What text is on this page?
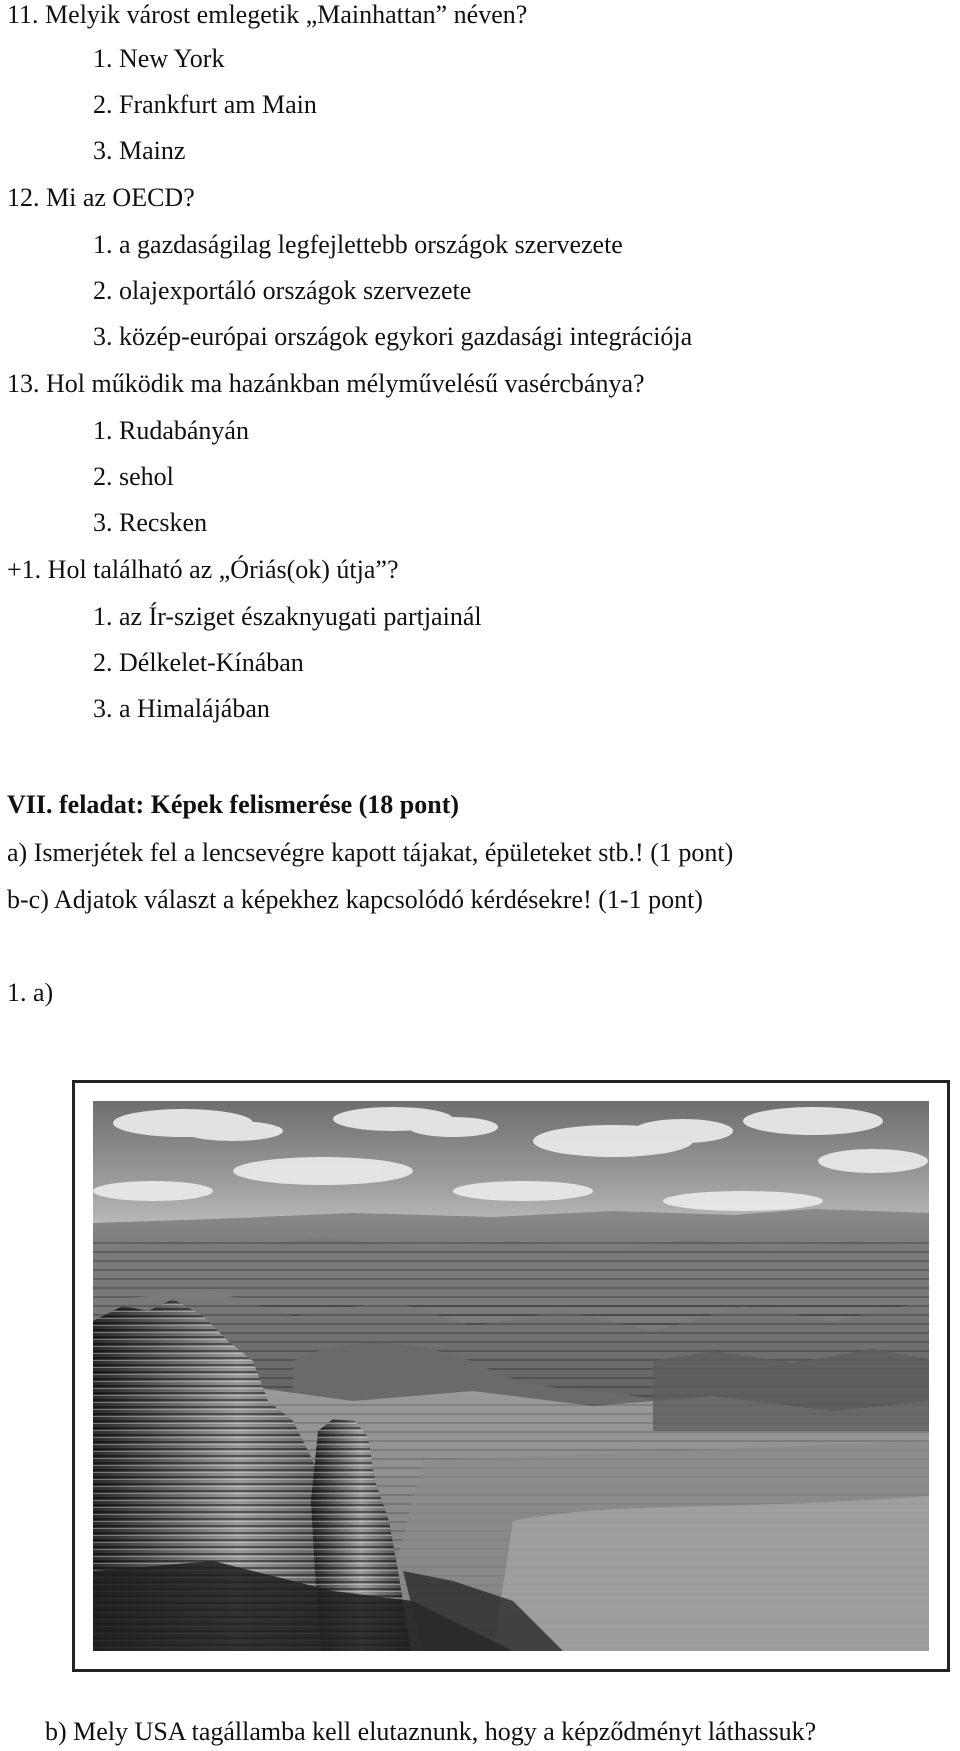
11. Melyik várost emlegetik „Mainhattan” néven?
1. New York
2. Frankfurt am Main
3. Mainz
12. Mi az OECD?
1. a gazdaságilag legfejlettebb országok szervezete
2. olajexportáló országok szervezete
3. közép-európai országok egykori gazdasági integrációja
13. Hol működik ma hazánkban mélyművelésű vasércbánya?
1. Rudabányán
2. sehol
3. Recsken
+1. Hol található az „Óriás(ok) útja”?
1. az Ír-sziget északnyugati partjainál
2. Délkelet-Kínában
3. a Himalájában
VII. feladat: Képek felismerése (18 pont)
a) Ismerjétek fel a lencsevégre kapott tájakat, épületeket stb.! (1 pont)
b-c) Adjatok választ a képekhez kapcsolódó kérdésekre! (1-1 pont)
1. a)
b) Mely USA tagállamba kell elutaznunk, hogy a képződményt láthassuk?
